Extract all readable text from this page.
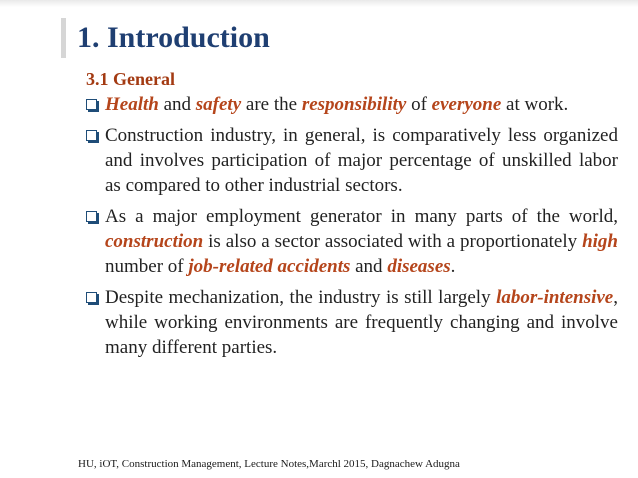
1. Introduction
3.1 General
Health and safety are the responsibility of everyone at work.
Construction industry, in general, is comparatively less organized and involves participation of major percentage of unskilled labor as compared to other industrial sectors.
As a major employment generator in many parts of the world, construction is also a sector associated with a proportionately high number of job-related accidents and diseases.
Despite mechanization, the industry is still largely labor-intensive, while working environments are frequently changing and involve many different parties.
HU, iOT, Construction Management, Lecture Notes,Marchl 2015, Dagnachew Adugna
